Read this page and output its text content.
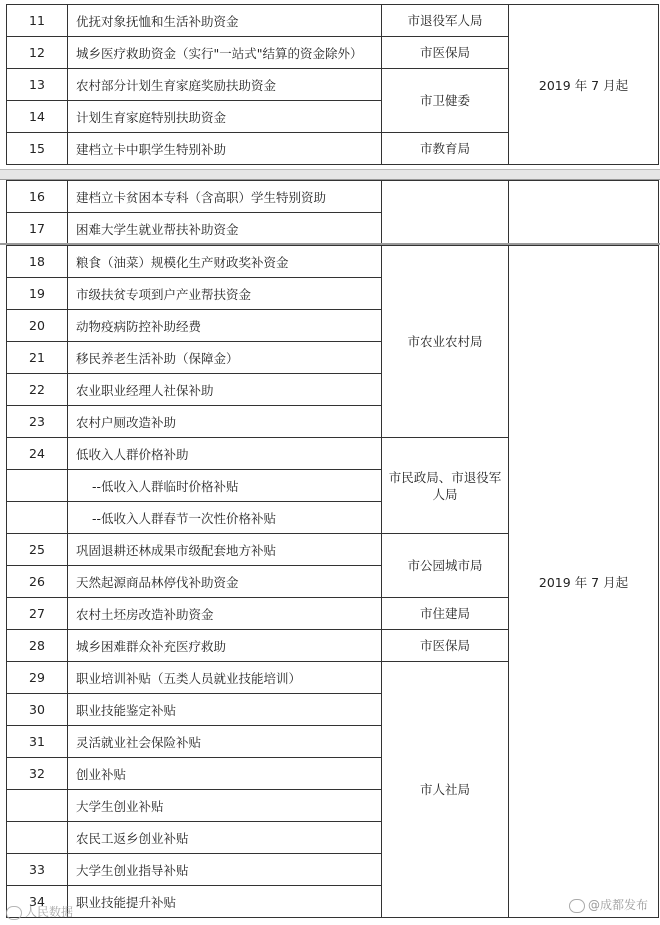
11	优抚对象抚恤和生活补助资金	市退役军人局	2019 年 7 月起
12	城乡医疗救助资金（实行"一站式"结算的资金除外）	市医保局	
13	农村部分计划生育家庭奖励扶助资金	市卫健委	
14	计划生育家庭特别扶助资金		
15	建档立卡中职学生特别补助	市教育局	
16	建档立卡贫困本专科（含高职）学生特别资助		
17	困难大学生就业帮扶补助资金		
18	粮食（油菜）规模化生产财政奖补资金	市农业农村局	2019 年 7 月起
19	市级扶贫专项到户产业帮扶资金		
20	动物疫病防控补助经费		
21	移民养老生活补助（保障金）		
22	农业职业经理人社保补助		
23	农村户厕改造补助		
24	低收入人群价格补助	市民政局、市退役军人局	
	--低收入人群临时价格补贴		
	--低收入人群春节一次性价格补贴		
25	巩固退耕还林成果市级配套地方补贴	市公园城市局	
26	天然起源商品林停伐补助资金		
27	农村土坯房改造补助资金	市住建局	
28	城乡困难群众补充医疗救助	市医保局	
29	职业培训补贴（五类人员就业技能培训）	市人社局	
30	职业技能鉴定补贴		
31	灵活就业社会保险补贴		
32	创业补贴		
	大学生创业补贴		
	农民工返乡创业补贴		
33	大学生创业指导补贴		
34	职业技能提升补贴		
人民数据	@成都发布
